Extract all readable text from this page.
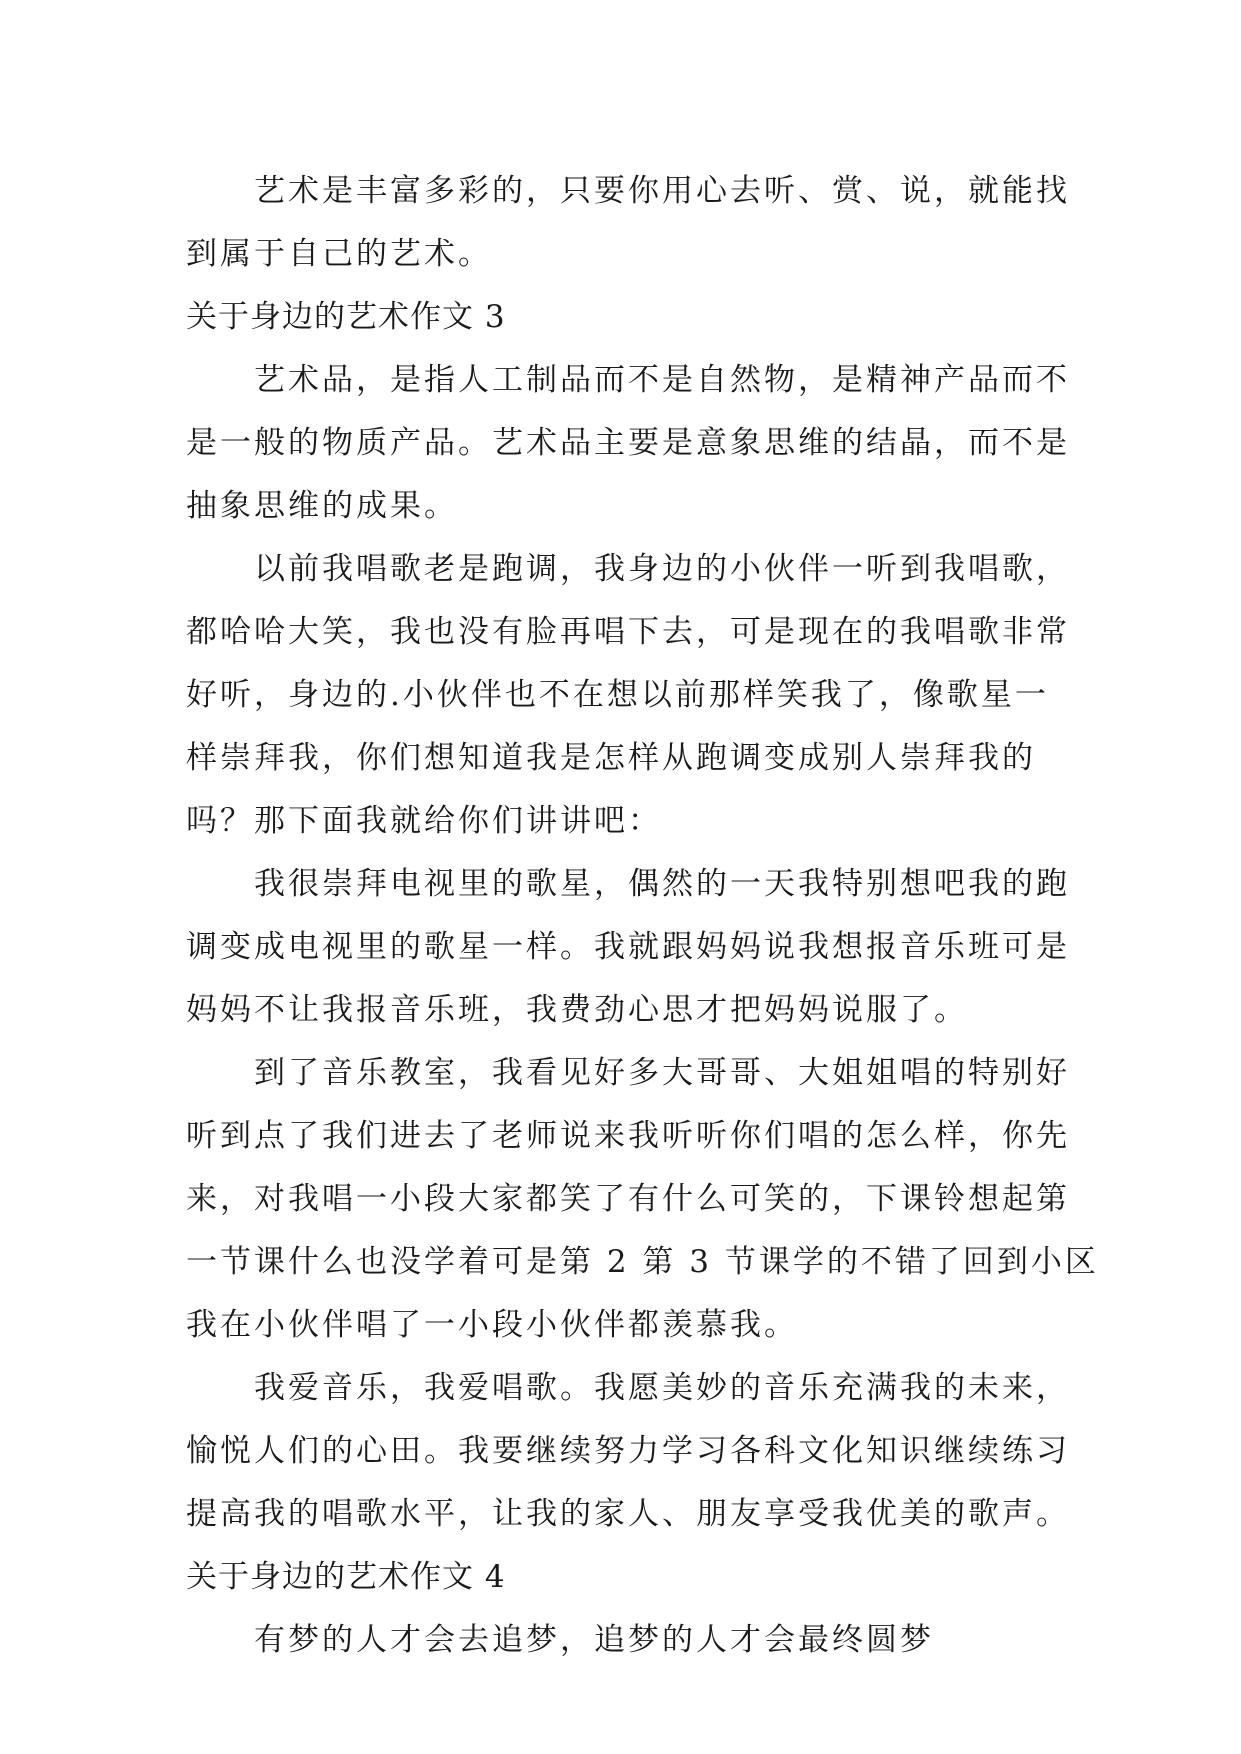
艺术是丰富多彩的，只要你用心去听、赏、说，就能找
到属于自己的艺术。
关于身边的艺术作文 3
艺术品，是指人工制品而不是自然物，是精神产品而不
是一般的物质产品。艺术品主要是意象思维的结晶，而不是
抽象思维的成果。
以前我唱歌老是跑调，我身边的小伙伴一听到我唱歌，
都哈哈大笑，我也没有脸再唱下去，可是现在的我唱歌非常
好听，身边的.小伙伴也不在想以前那样笑我了，像歌星一
样崇拜我，你们想知道我是怎样从跑调变成别人崇拜我的
吗？那下面我就给你们讲讲吧：
我很崇拜电视里的歌星，偶然的一天我特别想吧我的跑
调变成电视里的歌星一样。我就跟妈妈说我想报音乐班可是
妈妈不让我报音乐班，我费劲心思才把妈妈说服了。
到了音乐教室，我看见好多大哥哥、大姐姐唱的特别好
听到点了我们进去了老师说来我听听你们唱的怎么样，你先
来，对我唱一小段大家都笑了有什么可笑的，下课铃想起第
一节课什么也没学着可是第 2 第 3 节课学的不错了回到小区
我在小伙伴唱了一小段小伙伴都羡慕我。
我爱音乐，我爱唱歌。我愿美妙的音乐充满我的未来，
愉悦人们的心田。我要继续努力学习各科文化知识继续练习
提高我的唱歌水平，让我的家人、朋友享受我优美的歌声。
关于身边的艺术作文 4
有梦的人才会去追梦，追梦的人才会最终圆梦
